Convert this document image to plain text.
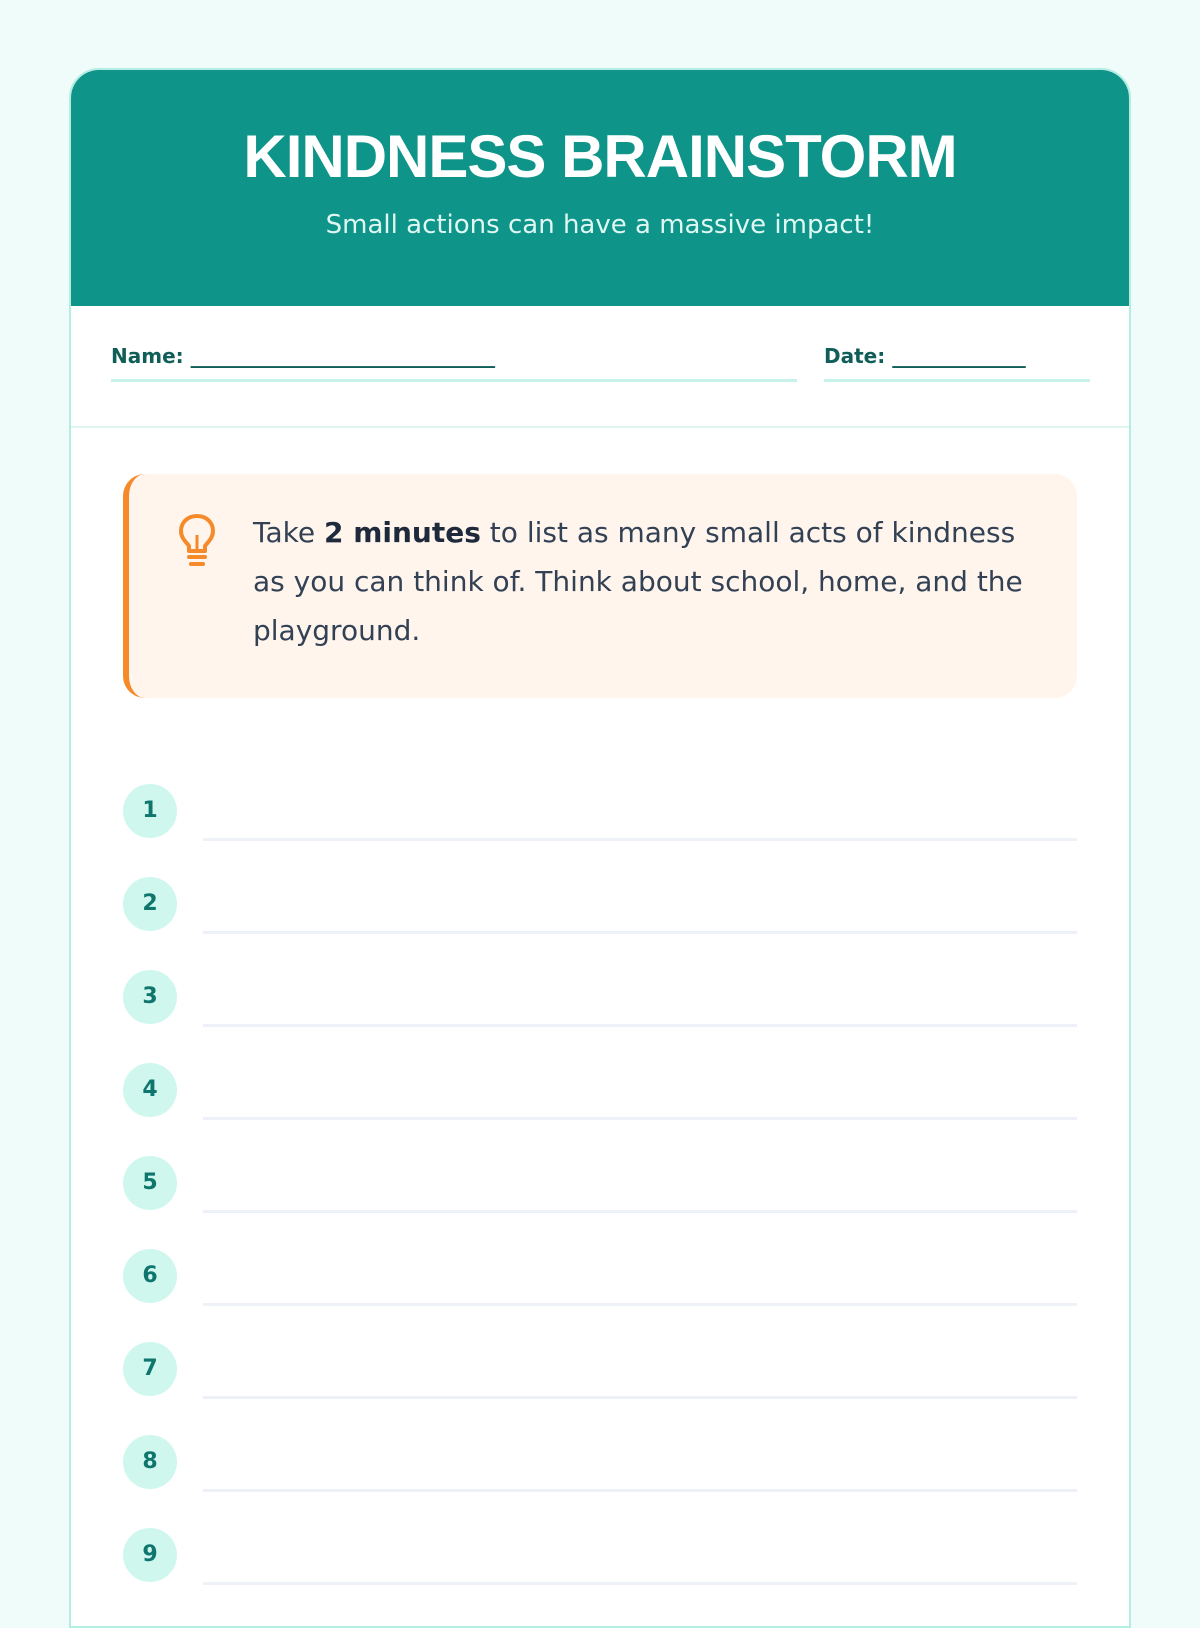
KINDNESS BRAINSTORM
Small actions can have a massive impact!
Name: ________________________________	Date: ______________
Take 2 minutes to list as many small acts of kindness as you can think of. Think about school, home, and the playground.
1
2
3
4
5
6
7
8
9
